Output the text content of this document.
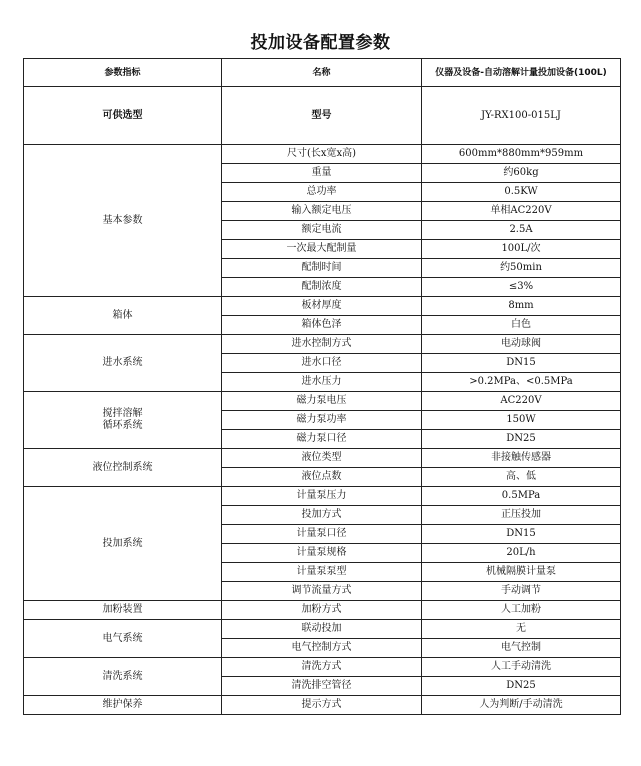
投加设备配置参数
参数指标	名称	仪器及设备-自动溶解计量投加设备(100L)
可供选型	型号	JY-RX100-015LJ

基本参数	尺寸(长x宽x高)	600mm*880mm*959mm
	重量	约60kg
	总功率	0.5KW
	输入额定电压	单相AC220V
	额定电流	2.5A
	一次最大配制量	100L/次
	配制时间	约50min
	配制浓度	≤3%

箱体	板材厚度	8mm
	箱体色泽	白色

进水系统	进水控制方式	电动球阀
	进水口径	DN15
	进水压力	>0.2MPa、<0.5MPa

搅拌溶解
循环系统	磁力泵电压	AC220V
	磁力泵功率	150W
	磁力泵口径	DN25

液位控制系统	液位类型	非接触传感器
	液位点数	高、低

投加系统	计量泵压力	0.5MPa
	投加方式	正压投加
	计量泵口径	DN15
	计量泵规格	20L/h
	计量泵泵型	机械隔膜计量泵
	调节流量方式	手动调节

加粉装置	加粉方式	人工加粉

电气系统	联动投加	无
	电气控制方式	电气控制

清洗系统	清洗方式	人工手动清洗
	清洗排空管径	DN25

维护保养	提示方式	人为判断/手动清洗
